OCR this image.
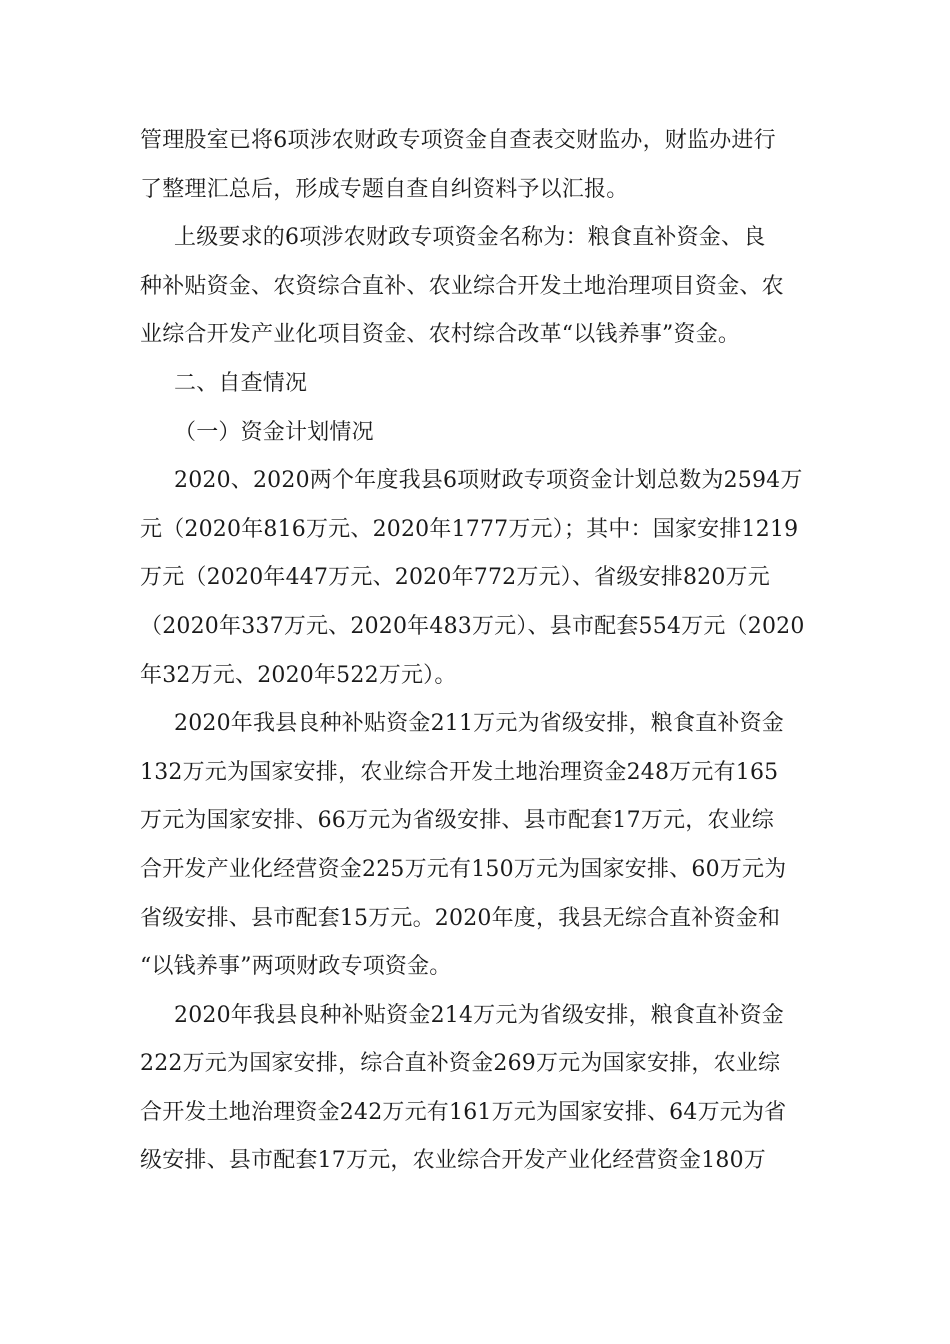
管理股室已将6项涉农财政专项资金自查表交财监办，财监办进行
了整理汇总后，形成专题自查自纠资料予以汇报。
上级要求的6项涉农财政专项资金名称为：粮食直补资金、良
种补贴资金、农资综合直补、农业综合开发土地治理项目资金、农
业综合开发产业化项目资金、农村综合改革“以钱养事”资金。
二、自查情况
（一）资金计划情况
2020、2020两个年度我县6项财政专项资金计划总数为2594万
元（2020年816万元、2020年1777万元）；其中：国家安排1219
万元（2020年447万元、2020年772万元）、省级安排820万元
（2020年337万元、2020年483万元）、县市配套554万元（2020
年32万元、2020年522万元）。
2020年我县良种补贴资金211万元为省级安排，粮食直补资金
132万元为国家安排，农业综合开发土地治理资金248万元有165
万元为国家安排、66万元为省级安排、县市配套17万元，农业综
合开发产业化经营资金225万元有150万元为国家安排、60万元为
省级安排、县市配套15万元。2020年度，我县无综合直补资金和
“以钱养事”两项财政专项资金。
2020年我县良种补贴资金214万元为省级安排，粮食直补资金
222万元为国家安排，综合直补资金269万元为国家安排，农业综
合开发土地治理资金242万元有161万元为国家安排、64万元为省
级安排、县市配套17万元，农业综合开发产业化经营资金180万
